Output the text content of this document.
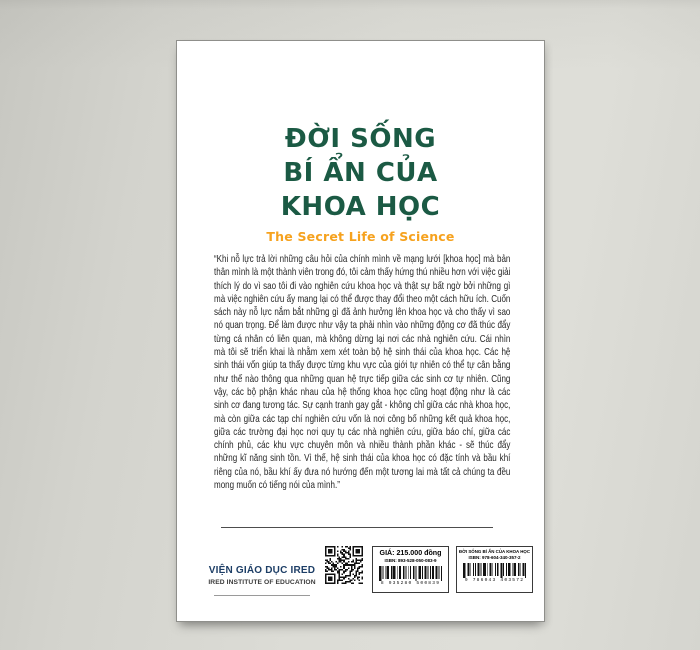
ĐỜI SỐNG
BÍ ẨN CỦA
KHOA HỌC
The Secret Life of Science

“Khi nỗ lực trả lời những câu hỏi của chính mình về mạng lưới [khoa học] mà bản thân mình là một thành viên trong đó, tôi cảm thấy hứng thú nhiều hơn với việc giải thích lý do vì sao tôi đi vào nghiên cứu khoa học và thật sự bất ngờ bởi những gì mà việc nghiên cứu ấy mang lại có thể được thay đổi theo một cách hữu ích. Cuốn sách này nỗ lực nắm bắt những gì đã ảnh hưởng lên khoa học và cho thấy vì sao nó quan trọng. Để làm được như vậy ta phải nhìn vào những động cơ đã thúc đẩy từng cá nhân có liên quan, mà không dừng lại nơi các nhà nghiên cứu. Cái nhìn mà tôi sẽ triển khai là nhằm xem xét toàn bộ hệ sinh thái của khoa học. Các hệ sinh thái vốn giúp ta thấy được từng khu vực của giới tự nhiên có thể tự cân bằng như thế nào thông qua những quan hệ trực tiếp giữa các sinh cơ tự nhiên. Cũng vậy, các bộ phận khác nhau của hệ thống khoa học cũng hoạt động như là các sinh cơ đang tương tác. Sự cạnh tranh gay gắt - không chỉ giữa các nhà khoa học, mà còn giữa các tạp chí nghiên cứu vốn là nơi công bố những kết quả khoa học, giữa các trường đại học nơi quy tụ các nhà nghiên cứu, giữa báo chí, giữa các chính phủ, các khu vực chuyên môn và nhiều thành phần khác - sẽ thúc đẩy những kĩ năng sinh tồn. Vì thế, hệ sinh thái của khoa học có đặc tính và bầu khí riêng của nó, bầu khí ấy đưa nó hướng đến một tương lai mà tất cả chúng ta đều mong muốn có tiếng nói của mình.”

VIỆN GIÁO DỤC IRED
IRED INSTITUTE OF EDUCATION
GIÁ: 215.000 đồng
ISBN: 893-528-050-083-9
8 935280 500839
ĐỜI SỐNG BÍ ẨN CỦA KHOA HỌC
ISBN: 978-604-340-357-2
9 786043 403572
